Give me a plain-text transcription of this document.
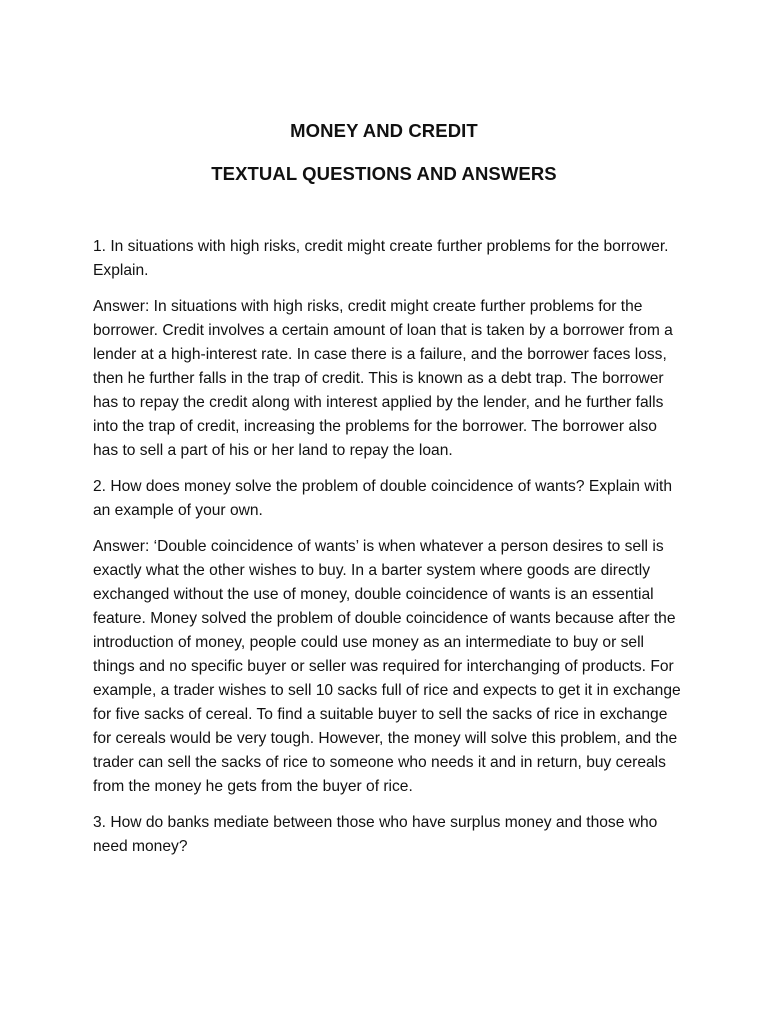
MONEY AND CREDIT
TEXTUAL QUESTIONS AND ANSWERS

1. In situations with high risks, credit might create further problems for the borrower. Explain.

Answer: In situations with high risks, credit might create further problems for the borrower. Credit involves a certain amount of loan that is taken by a borrower from a lender at a high-interest rate. In case there is a failure, and the borrower faces loss, then he further falls in the trap of credit. This is known as a debt trap. The borrower has to repay the credit along with interest applied by the lender, and he further falls into the trap of credit, increasing the problems for the borrower. The borrower also has to sell a part of his or her land to repay the loan.

2. How does money solve the problem of double coincidence of wants? Explain with an example of your own.

Answer: ‘Double coincidence of wants’ is when whatever a person desires to sell is exactly what the other wishes to buy. In a barter system where goods are directly exchanged without the use of money, double coincidence of wants is an essential feature. Money solved the problem of double coincidence of wants because after the introduction of money, people could use money as an intermediate to buy or sell things and no specific buyer or seller was required for interchanging of products. For example, a trader wishes to sell 10 sacks full of rice and expects to get it in exchange for five sacks of cereal. To find a suitable buyer to sell the sacks of rice in exchange for cereals would be very tough. However, the money will solve this problem, and the trader can sell the sacks of rice to someone who needs it and in return, buy cereals from the money he gets from the buyer of rice.

3. How do banks mediate between those who have surplus money and those who need money?
